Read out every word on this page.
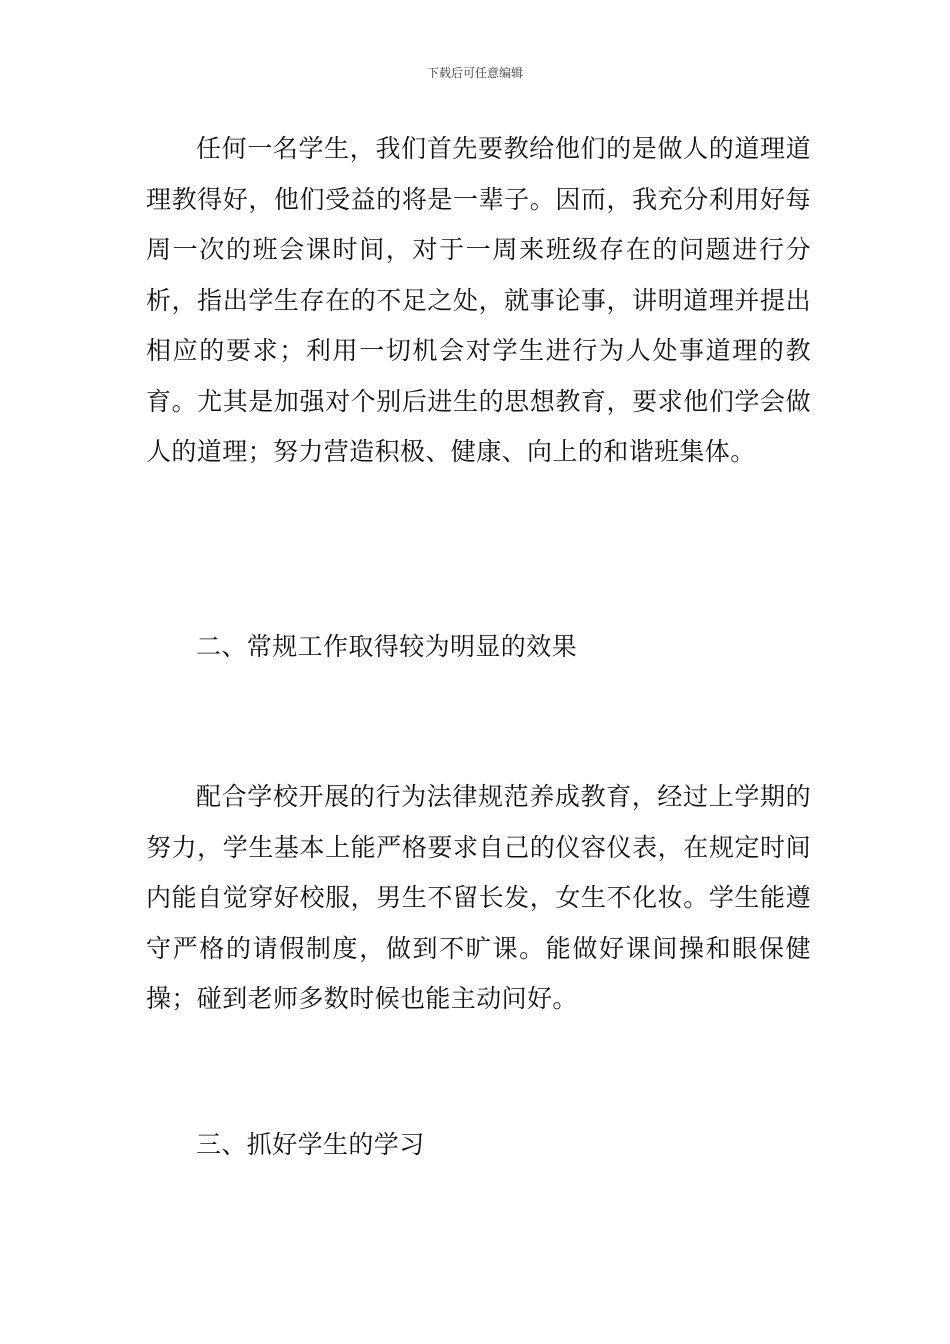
下载后可任意编辑

任何一名学生，我们首先要教给他们的是做人的道理道理教得好，他们受益的将是一辈子。因而，我充分利用好每周一次的班会课时间，对于一周来班级存在的问题进行分析，指出学生存在的不足之处，就事论事，讲明道理并提出相应的要求；利用一切机会对学生进行为人处事道理的教育。尤其是加强对个别后进生的思想教育，要求他们学会做人的道理；努力营造积极、健康、向上的和谐班集体。

二、常规工作取得较为明显的效果

配合学校开展的行为法律规范养成教育，经过上学期的努力，学生基本上能严格要求自己的仪容仪表，在规定时间内能自觉穿好校服，男生不留长发，女生不化妆。学生能遵守严格的请假制度，做到不旷课。能做好课间操和眼保健操；碰到老师多数时候也能主动问好。

三、抓好学生的学习
